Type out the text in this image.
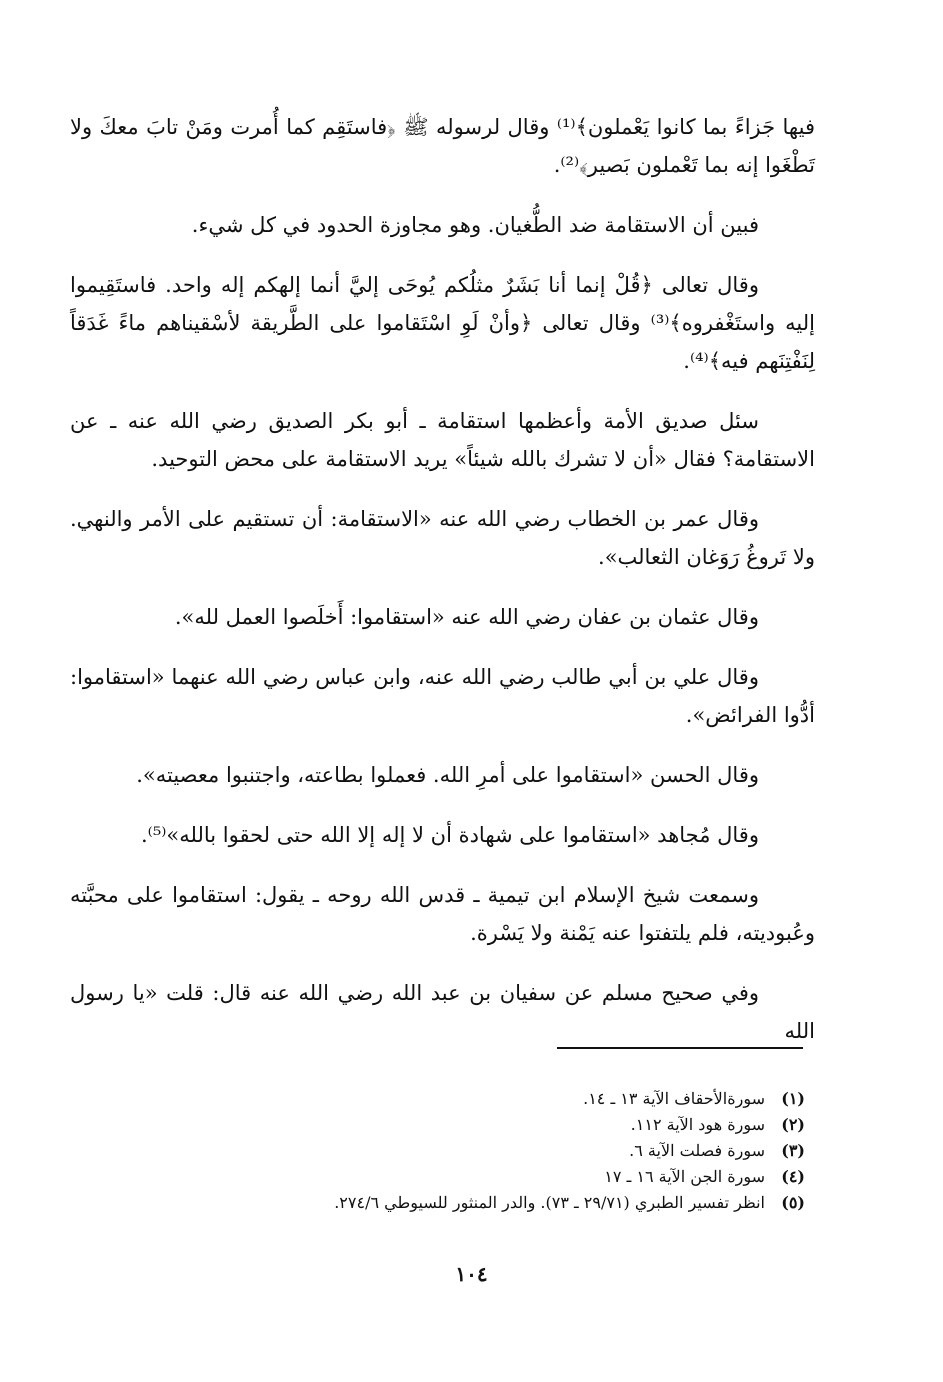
فيها جَزاءً بما كانوا يَعْملون﴾⁽¹⁾ وقال لرسوله ﷺ ﴿فاستَقِم كما أُمرت ومَنْ تابَ معكَ ولا تَطْغَوا إنه بما تَعْملون بَصير﴾⁽²⁾.

فبين أن الاستقامة ضد الطُّغيان. وهو مجاوزة الحدود في كل شيء.

وقال تعالى ﴿قُلْ إنما أنا بَشَرٌ مثلُكم يُوحَى إليَّ أنما إلهكم إله واحد. فاستَقِيموا إليه واستَغْفروه﴾⁽³⁾ وقال تعالى ﴿وأنْ لَوِ اسْتَقاموا على الطَّريقة لأسْقيناهم ماءً غَدَقاً لِنَفْتِنَهم فيه﴾⁽⁴⁾.

سئل صديق الأمة وأعظمها استقامة ـ أبو بكر الصديق رضي الله عنه ـ عن الاستقامة؟ فقال «أن لا تشرك بالله شيئاً» يريد الاستقامة على محض التوحيد.

وقال عمر بن الخطاب رضي الله عنه «الاستقامة: أن تستقيم على الأمر والنهي. ولا تَروغُ رَوَغان الثعالب».

وقال عثمان بن عفان رضي الله عنه «استقاموا: أَخلَصوا العمل لله».

وقال علي بن أبي طالب رضي الله عنه، وابن عباس رضي الله عنهما «استقاموا: أدُّوا الفرائض».

وقال الحسن «استقاموا على أمرِ الله. فعملوا بطاعته، واجتنبوا معصيته».

وقال مُجاهد «استقاموا على شهادة أن لا إله إلا الله حتى لحقوا بالله»⁽⁵⁾.

وسمعت شيخ الإسلام ابن تيمية ـ قدس الله روحه ـ يقول: استقاموا على محبَّته وعُبوديته، فلم يلتفتوا عنه يَمْنة ولا يَسْرة.

وفي صحيح مسلم عن سفيان بن عبد الله رضي الله عنه قال: قلت «يا رسول الله

(١)
سورةالأحقاف الآية ١٣ ـ ١٤.
(٢)
سورة هود الآية ١١٢.
(٣)
سورة فصلت الآية ٦.
(٤)
سورة الجن الآية ١٦ ـ ١٧
(٥)
انظر تفسير الطبري (٢٩/٧١ ـ ٧٣). والدر المنثور للسيوطي ٢٧٤/٦.
١٠٤
